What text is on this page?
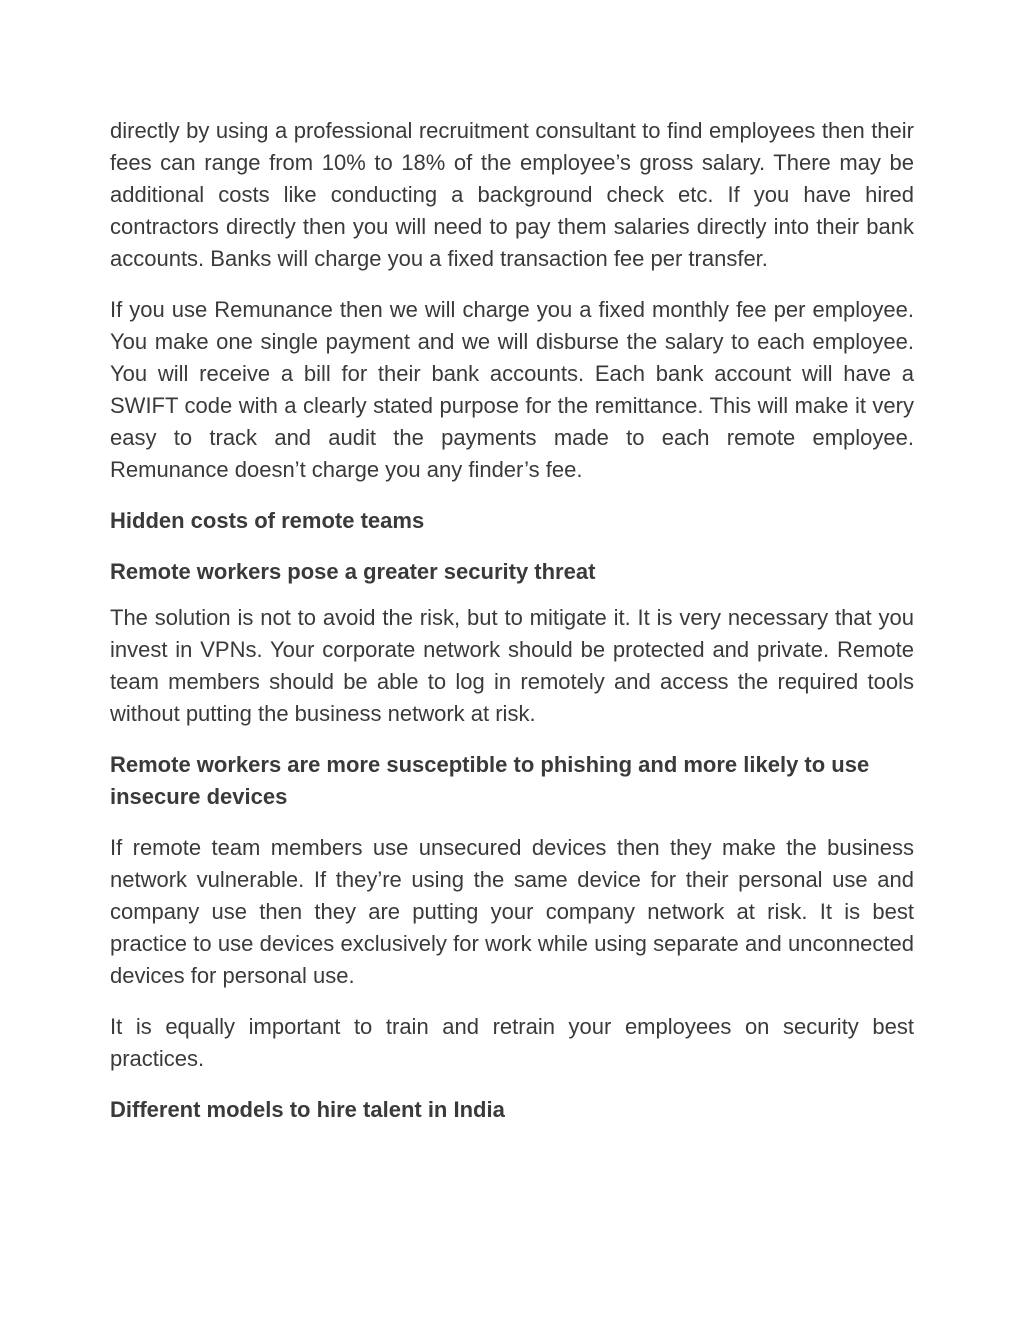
directly by using a professional recruitment consultant to find employees then their fees can range from 10% to 18% of the employee’s gross salary. There may be additional costs like conducting a background check etc. If you have hired contractors directly then you will need to pay them salaries directly into their bank accounts. Banks will charge you a fixed transaction fee per transfer.

If you use Remunance then we will charge you a fixed monthly fee per employee. You make one single payment and we will disburse the salary to each employee. You will receive a bill for their bank accounts. Each bank account will have a SWIFT code with a clearly stated purpose for the remittance. This will make it very easy to track and audit the payments made to each remote employee. Remunance doesn’t charge you any finder’s fee.

Hidden costs of remote teams
Remote workers pose a greater security threat

The solution is not to avoid the risk, but to mitigate it. It is very necessary that you invest in VPNs. Your corporate network should be protected and private. Remote team members should be able to log in remotely and access the required tools without putting the business network at risk.

Remote workers are more susceptible to phishing and more likely to use insecure devices

If remote team members use unsecured devices then they make the business network vulnerable. If they’re using the same device for their personal use and company use then they are putting your company network at risk. It is best practice to use devices exclusively for work while using separate and unconnected devices for personal use.

It is equally important to train and retrain your employees on security best practices.

Different models to hire talent in India
